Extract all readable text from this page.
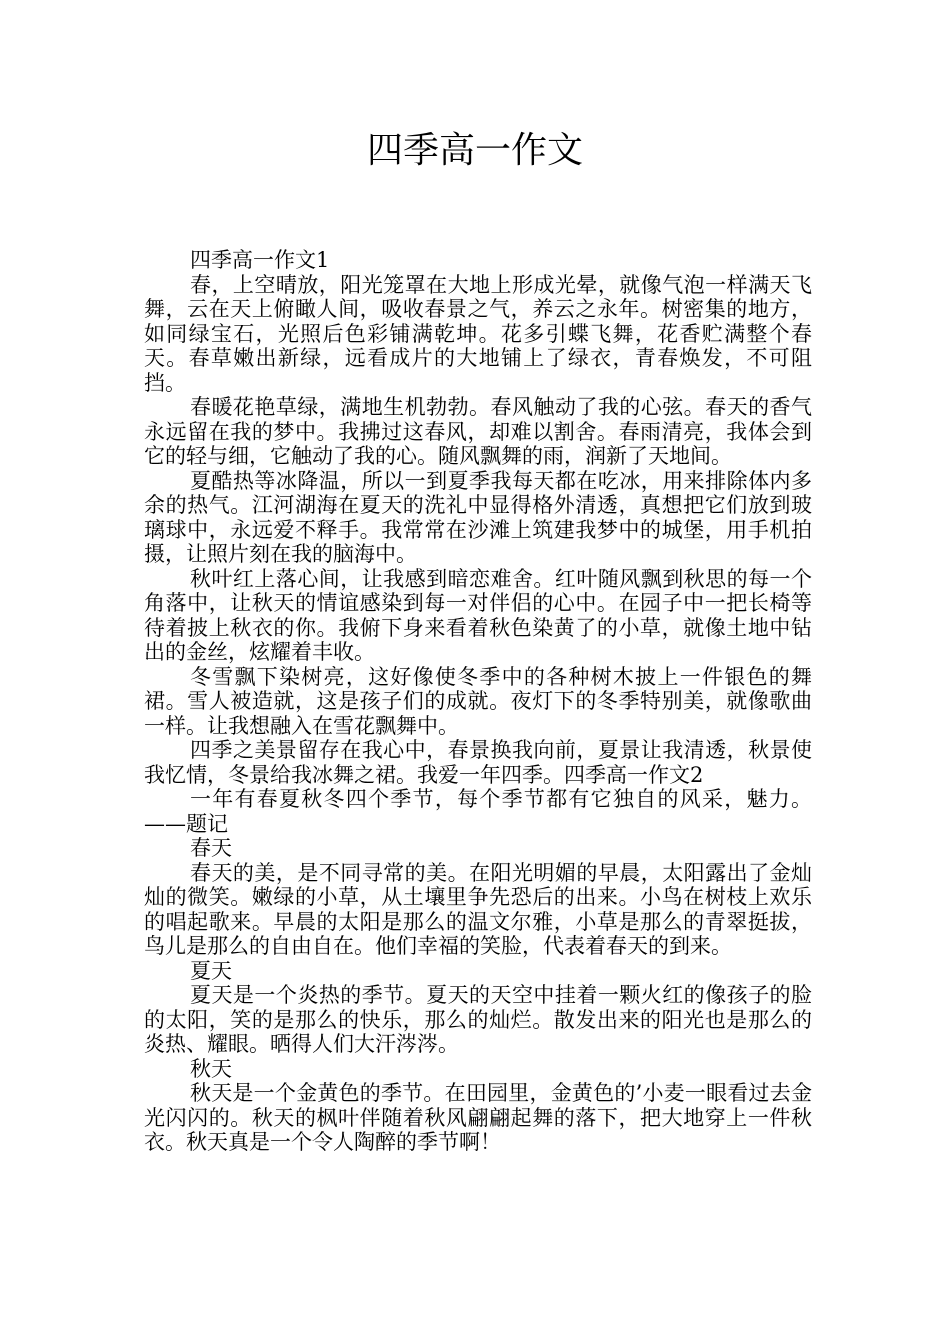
四季高一作文

四季高一作文1

春，上空晴放，阳光笼罩在大地上形成光晕，就像气泡一样满天飞舞，云在天上俯瞰人间，吸收春景之气，养云之永年。树密集的地方，如同绿宝石，光照后色彩铺满乾坤。花多引蝶飞舞，花香贮满整个春天。春草嫩出新绿，远看成片的大地铺上了绿衣，青春焕发，不可阻挡。

春暖花艳草绿，满地生机勃勃。春风触动了我的心弦。春天的香气永远留在我的梦中。我拂过这春风，却难以割舍。春雨清亮，我体会到它的轻与细，它触动了我的心。随风飘舞的雨，润新了天地间。

夏酷热等冰降温，所以一到夏季我每天都在吃冰，用来排除体内多余的热气。江河湖海在夏天的洗礼中显得格外清透，真想把它们放到玻璃球中，永远爱不释手。我常常在沙滩上筑建我梦中的城堡，用手机拍摄，让照片刻在我的脑海中。

秋叶红上落心间，让我感到暗恋难舍。红叶随风飘到秋思的每一个角落中，让秋天的情谊感染到每一对伴侣的心中。在园子中一把长椅等待着披上秋衣的你。我俯下身来看着秋色染黄了的小草，就像土地中钻出的金丝，炫耀着丰收。

冬雪飘下染树亮，这好像使冬季中的各种树木披上一件银色的舞裙。雪人被造就，这是孩子们的成就。夜灯下的冬季特别美，就像歌曲一样。让我想融入在雪花飘舞中。

四季之美景留存在我心中，春景换我向前，夏景让我清透，秋景使我忆情，冬景给我冰舞之裙。我爱一年四季。四季高一作文2

一年有春夏秋冬四个季节，每个季节都有它独自的风采，魅力。——题记

春天

春天的美，是不同寻常的美。在阳光明媚的早晨，太阳露出了金灿灿的微笑。嫩绿的小草，从土壤里争先恐后的出来。小鸟在树枝上欢乐的唱起歌来。早晨的太阳是那么的温文尔雅，小草是那么的青翠挺拔，鸟儿是那么的自由自在。他们幸福的笑脸，代表着春天的到来。

夏天

夏天是一个炎热的季节。夏天的天空中挂着一颗火红的像孩子的脸的太阳，笑的是那么的快乐，那么的灿烂。散发出来的阳光也是那么的炎热、耀眼。晒得人们大汗涔涔。

秋天

秋天是一个金黄色的季节。在田园里，金黄色的’小麦一眼看过去金光闪闪的。秋天的枫叶伴随着秋风翩翩起舞的落下，把大地穿上一件秋衣。秋天真是一个令人陶醉的季节啊！
